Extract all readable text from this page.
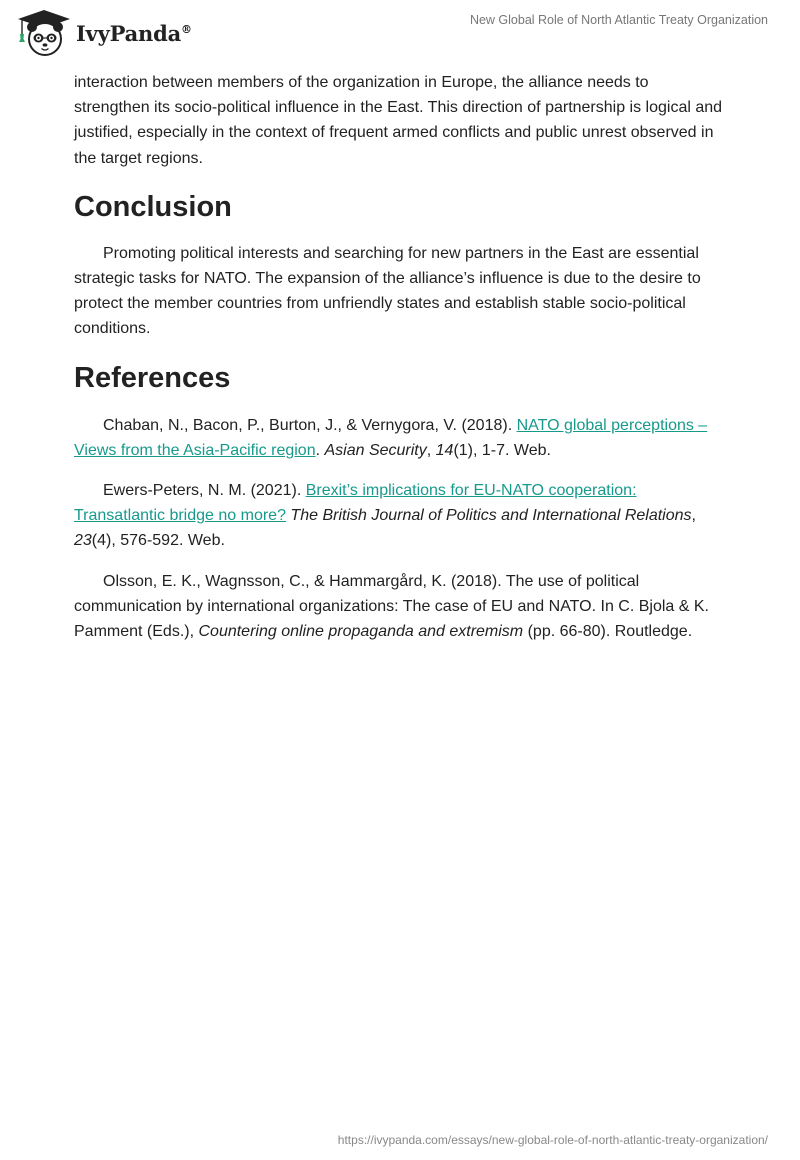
IvyPanda®
New Global Role of North Atlantic Treaty Organization

interaction between members of the organization in Europe, the alliance needs to strengthen its socio-political influence in the East. This direction of partnership is logical and justified, especially in the context of frequent armed conflicts and public unrest observed in the target regions.

Conclusion

Promoting political interests and searching for new partners in the East are essential strategic tasks for NATO. The expansion of the alliance’s influence is due to the desire to protect the member countries from unfriendly states and establish stable socio-political conditions.

References

Chaban, N., Bacon, P., Burton, J., & Vernygora, V. (2018). NATO global perceptions – Views from the Asia-Pacific region. Asian Security, 14(1), 1-7. Web.

Ewers-Peters, N. M. (2021). Brexit’s implications for EU-NATO cooperation: Transatlantic bridge no more? The British Journal of Politics and International Relations, 23(4), 576-592. Web.

Olsson, E. K., Wagnsson, C., & Hammargård, K. (2018). The use of political communication by international organizations: The case of EU and NATO. In C. Bjola & K. Pamment (Eds.), Countering online propaganda and extremism (pp. 66-80). Routledge.

https://ivypanda.com/essays/new-global-role-of-north-atlantic-treaty-organization/
